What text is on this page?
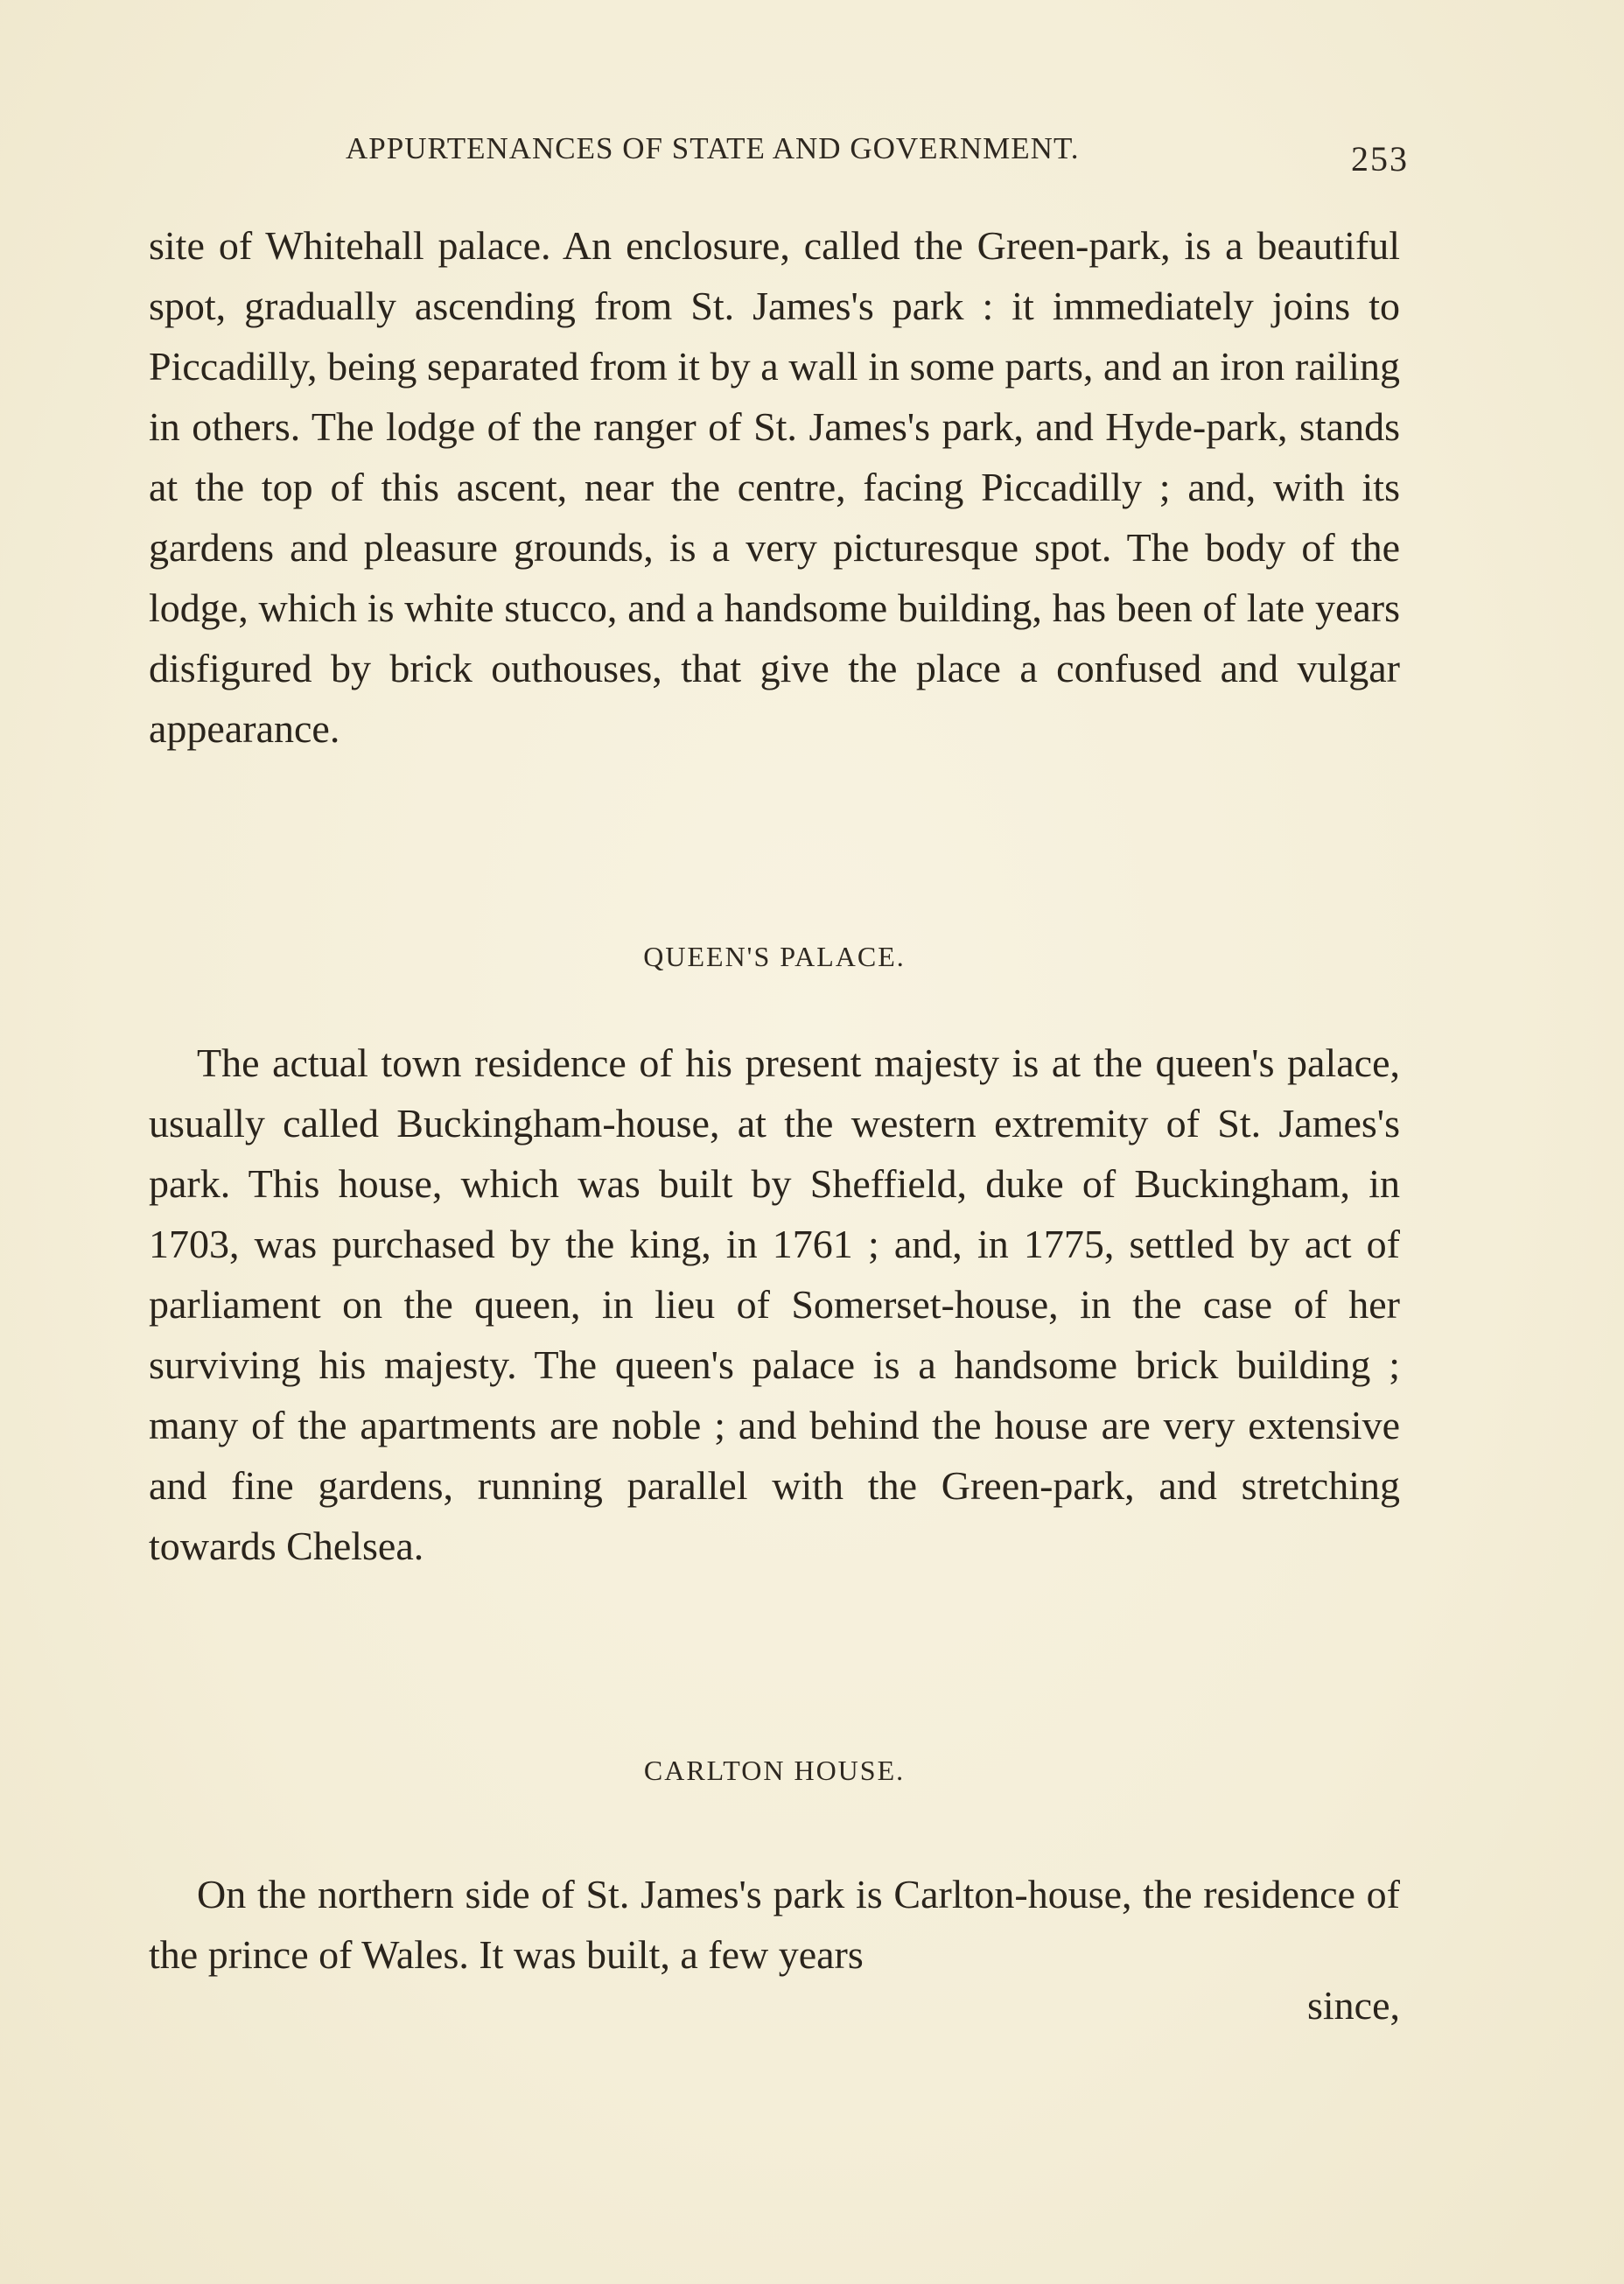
APPURTENANCES OF STATE AND GOVERNMENT.	253

site of Whitehall palace. An enclosure, called the Green-park, is a beautiful spot, gradually ascending from St. James's park : it immediately joins to Piccadilly, being separated from it by a wall in some parts, and an iron railing in others. The lodge of the ranger of St. James's park, and Hyde-park, stands at the top of this ascent, near the centre, facing Piccadilly ; and, with its gardens and pleasure grounds, is a very picturesque spot. The body of the lodge, which is white stucco, and a handsome building, has been of late years disfigured by brick outhouses, that give the place a confused and vulgar appearance.

QUEEN'S PALACE.

The actual town residence of his present majesty is at the queen's palace, usually called Buckingham-house, at the western extremity of St. James's park. This house, which was built by Sheffield, duke of Buckingham, in 1703, was purchased by the king, in 1761 ; and, in 1775, settled by act of parliament on the queen, in lieu of Somerset-house, in the case of her surviving his majesty. The queen's palace is a handsome brick building ; many of the apartments are noble ; and behind the house are very extensive and fine gardens, running parallel with the Green-park, and stretching towards Chelsea.

CARLTON HOUSE.

On the northern side of St. James's park is Carlton-house, the residence of the prince of Wales. It was built, a few years

since,
